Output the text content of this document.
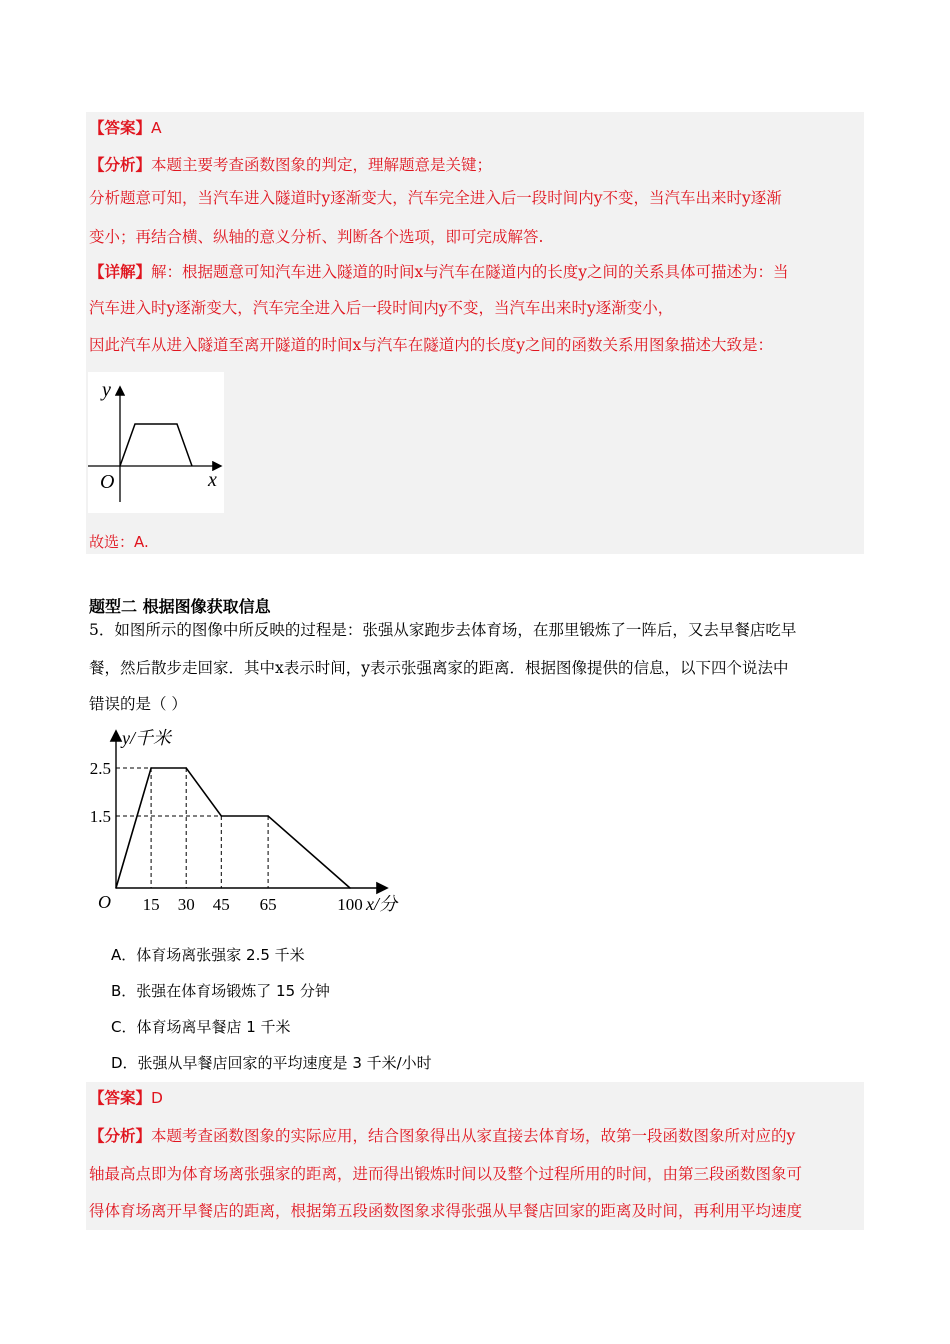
【答案】A
【分析】本题主要考查函数图象的判定，理解题意是关键；
分析题意可知，当汽车进入隧道时y逐渐变大，汽车完全进入后一段时间内y不变，当汽车出来时y逐渐
变小；再结合横、纵轴的意义分析、判断各个选项，即可完成解答.
【详解】解：根据题意可知汽车进入隧道的时间x与汽车在隧道内的长度y之间的关系具体可描述为：当
汽车进入时y逐渐变大，汽车完全进入后一段时间内y不变，当汽车出来时y逐渐变小，
因此汽车从进入隧道至离开隧道的时间x与汽车在隧道内的长度y之间的函数关系用图象描述大致是：
y
x
O
故选：A.
题型二 根据图像获取信息
5．如图所示的图像中所反映的过程是：张强从家跑步去体育场，在那里锻炼了一阵后，又去早餐店吃早
餐，然后散步走回家．其中x表示时间，y表示张强离家的距离．根据图像提供的信息，以下四个说法中
错误的是（ ）
15 30 45 65	100
2.5
1.5
y/千米
x/分
O
A．体育场离张强家 2.5 千米
B．张强在体育场锻炼了 15 分钟
C．体育场离早餐店 1 千米
D．张强从早餐店回家的平均速度是 3 千米/小时
【答案】D
【分析】本题考查函数图象的实际应用，结合图象得出从家直接去体育场，故第一段函数图象所对应的y
轴最高点即为体育场离张强家的距离，进而得出锻炼时间以及整个过程所用的时间，由第三段函数图象可
得体育场离开早餐店的距离，根据第五段函数图象求得张强从早餐店回家的距离及时间，再利用平均速度
